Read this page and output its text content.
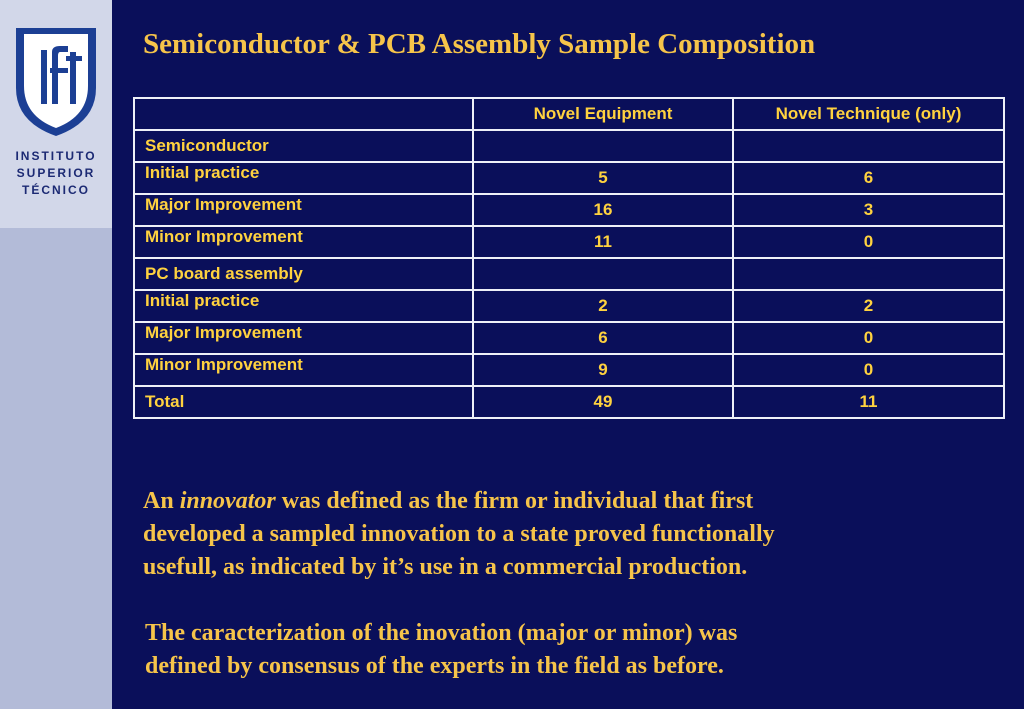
INSTITUTO
SUPERIOR
TÉCNICO
Semiconductor & PCB Assembly Sample Composition
	Novel Equipment	Novel Technique (only)
Semiconductor		
Initial practice	5	6
Major Improvement	16	3
Minor Improvement	11	0
PC board assembly		
Initial practice	2	2
Major Improvement	6	0
Minor Improvement	9	0
Total	49	11
An innovator was defined as the firm or individual that first
developed a sampled innovation to a state proved functionally
usefull, as indicated by it’s use in a commercial production.
The caracterization of the inovation (major or minor) was
defined by consensus of the experts in the field as before.
